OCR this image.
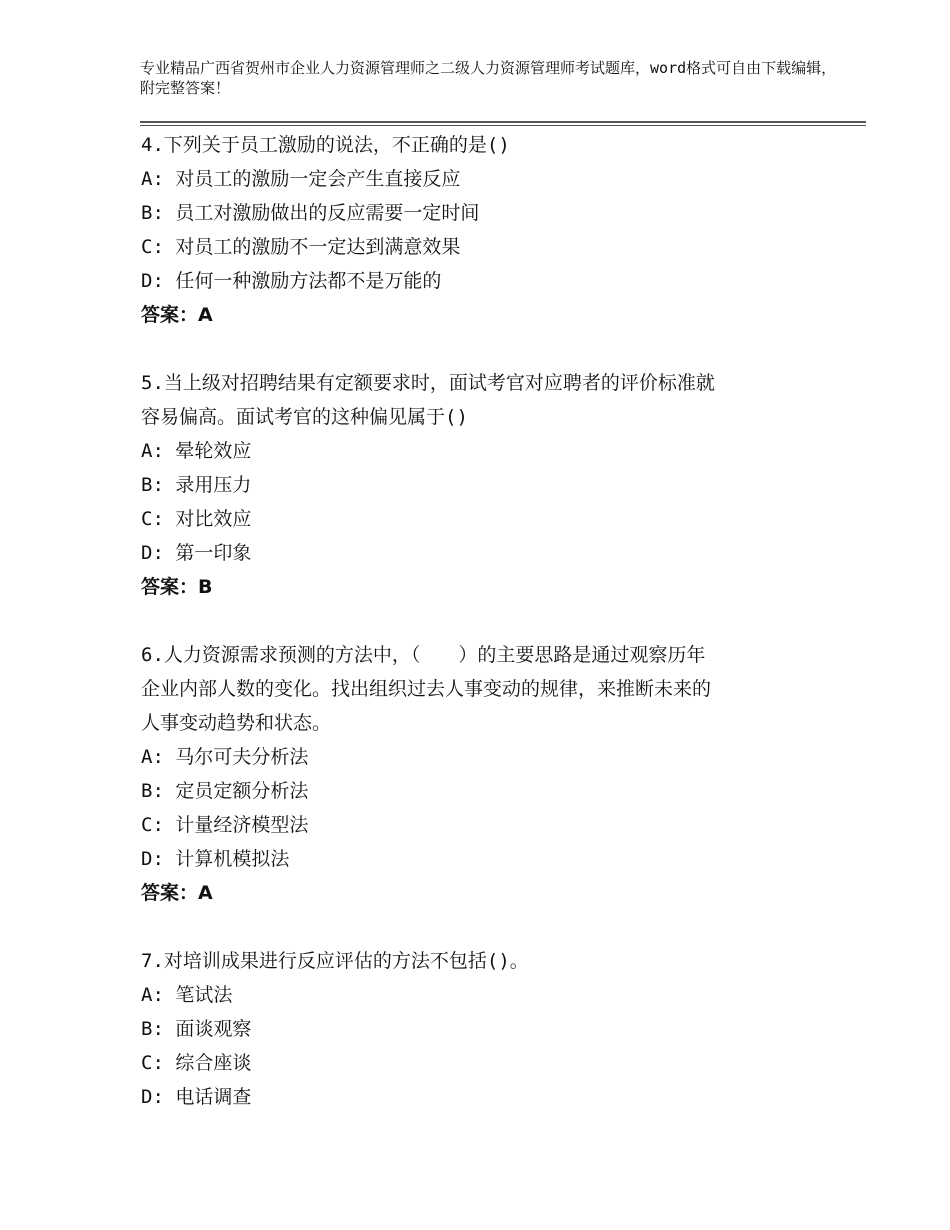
专业精品广西省贺州市企业人力资源管理师之二级人力资源管理师考试题库，word格式可自由下载编辑，附完整答案！
4.下列关于员工激励的说法，不正确的是()
A: 对员工的激励一定会产生直接反应
B: 员工对激励做出的反应需要一定时间
C: 对员工的激励不一定达到满意效果
D: 任何一种激励方法都不是万能的
答案：A
5.当上级对招聘结果有定额要求时，面试考官对应聘者的评价标准就
容易偏高。面试考官的这种偏见属于()
A: 晕轮效应
B: 录用压力
C: 对比效应
D: 第一印象
答案：B
6.人力资源需求预测的方法中，（　　）的主要思路是通过观察历年
企业内部人数的变化。找出组织过去人事变动的规律，来推断未来的
人事变动趋势和状态。
A: 马尔可夫分析法
B: 定员定额分析法
C: 计量经济模型法
D: 计算机模拟法
答案：A
7.对培训成果进行反应评估的方法不包括()。
A: 笔试法
B: 面谈观察
C: 综合座谈
D: 电话调查
